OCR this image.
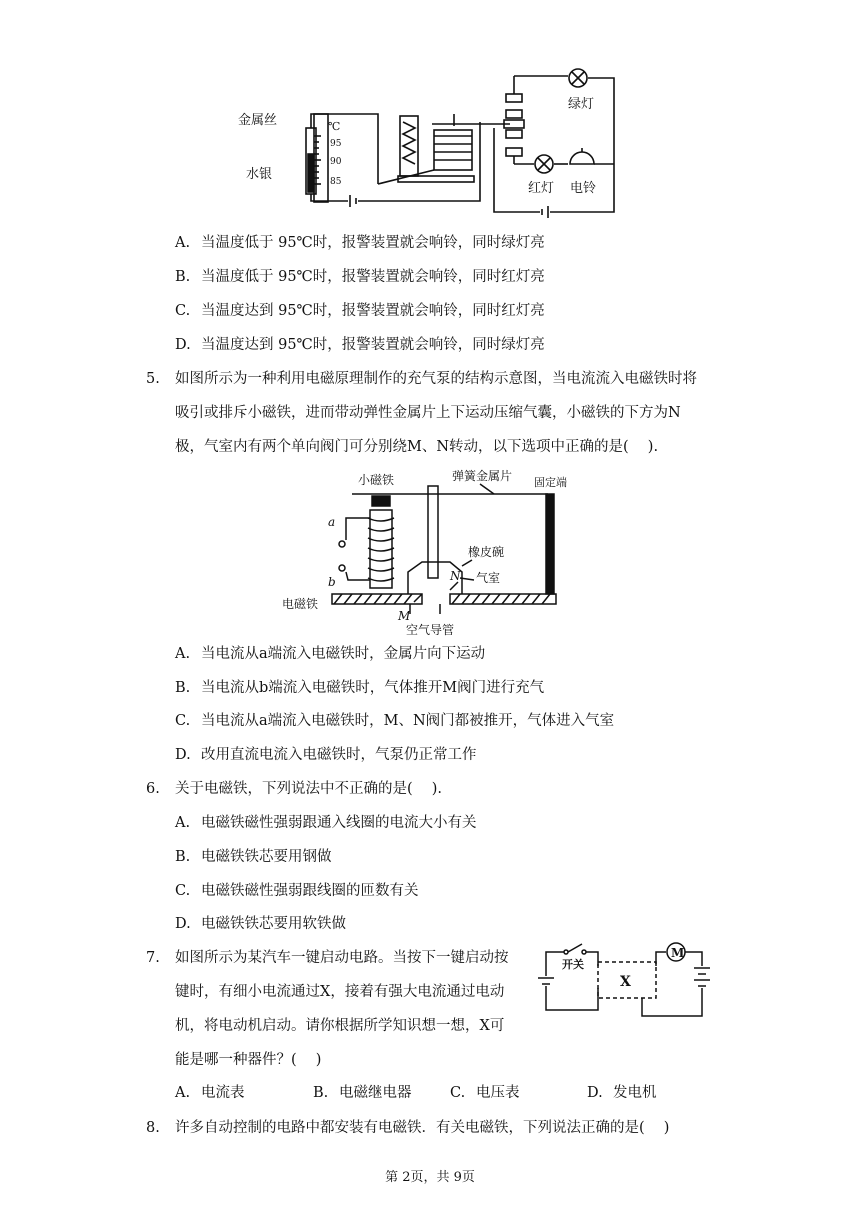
金属丝
水银
℃
95
90
85
绿灯
红灯 电铃
A. 当温度低于 95℃时，报警装置就会响铃，同时绿灯亮
B. 当温度低于 95℃时，报警装置就会响铃，同时红灯亮
C. 当温度达到 95℃时，报警装置就会响铃，同时红灯亮
D. 当温度达到 95℃时，报警装置就会响铃，同时绿灯亮
5. 如图所示为一种利用电磁原理制作的充气泵的结构示意图，当电流流入电磁铁时将
吸引或排斥小磁铁，进而带动弹性金属片上下运动压缩气囊，小磁铁的下方为N
极，气室内有两个单向阀门可分别绕M、N转动，以下选项中正确的是(　 ).
小磁铁	弹簧金属片 固定端
a
b
橡皮碗
N 气室
电磁铁
M
空气导管
A. 当电流从a端流入电磁铁时，金属片向下运动
B. 当电流从b端流入电磁铁时，气体推开M阀门进行充气
C. 当电流从a端流入电磁铁时，M、N阀门都被推开，气体进入气室
D. 改用直流电流入电磁铁时，气泵仍正常工作
6. 关于电磁铁，下列说法中不正确的是(　 ).
A. 电磁铁磁性强弱跟通入线圈的电流大小有关
B. 电磁铁铁芯要用钢做
C. 电磁铁磁性强弱跟线圈的匝数有关
D. 电磁铁铁芯要用软铁做
7. 如图所示为某汽车一键启动电路。当按下一键启动按
键时，有细小电流通过X，接着有强大电流通过电动
机，将电动机启动。请你根据所学知识想一想，X可
能是哪一种器件？(　 )
开关
X
M
A. 电流表	B. 电磁继电器	C. 电压表	D. 发电机
8. 许多自动控制的电路中都安装有电磁铁．有关电磁铁，下列说法正确的是(　 )
第 2页，共 9页
